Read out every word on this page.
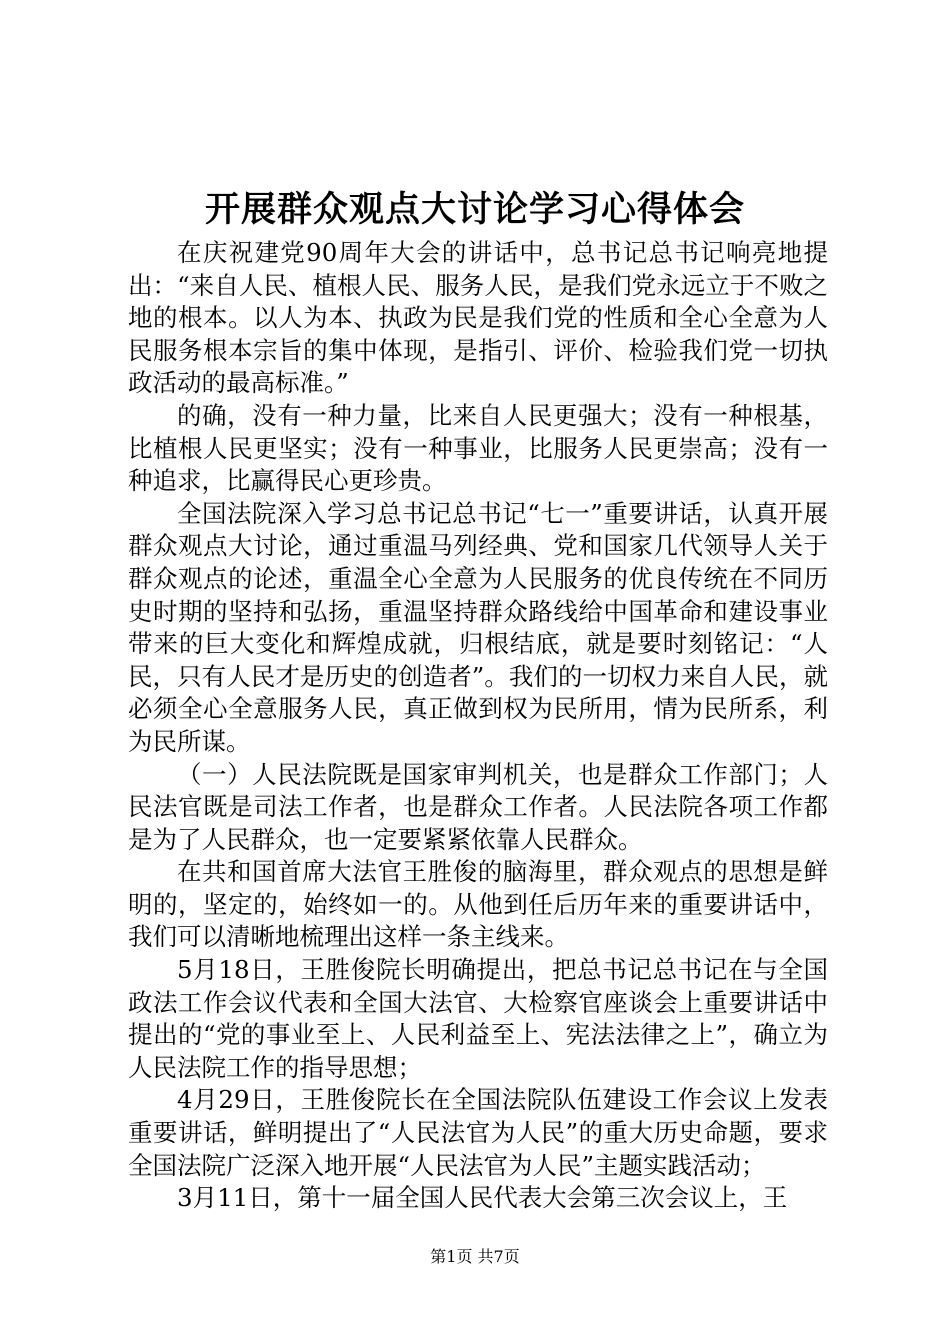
开展群众观点大讨论学习心得体会

在庆祝建党90周年大会的讲话中，总书记总书记响亮地提出：“来自人民、植根人民、服务人民，是我们党永远立于不败之地的根本。以人为本、执政为民是我们党的性质和全心全意为人民服务根本宗旨的集中体现，是指引、评价、检验我们党一切执政活动的最高标准。”

的确，没有一种力量，比来自人民更强大；没有一种根基，比植根人民更坚实；没有一种事业，比服务人民更崇高；没有一种追求，比赢得民心更珍贵。

全国法院深入学习总书记总书记“七一”重要讲话，认真开展群众观点大讨论，通过重温马列经典、党和国家几代领导人关于群众观点的论述，重温全心全意为人民服务的优良传统在不同历史时期的坚持和弘扬，重温坚持群众路线给中国革命和建设事业带来的巨大变化和辉煌成就，归根结底，就是要时刻铭记：“人民，只有人民才是历史的创造者”。我们的一切权力来自人民，就必须全心全意服务人民，真正做到权为民所用，情为民所系，利为民所谋。

（一）人民法院既是国家审判机关，也是群众工作部门；人民法官既是司法工作者，也是群众工作者。人民法院各项工作都是为了人民群众，也一定要紧紧依靠人民群众。

在共和国首席大法官王胜俊的脑海里，群众观点的思想是鲜明的，坚定的，始终如一的。从他到任后历年来的重要讲话中，我们可以清晰地梳理出这样一条主线来。

5月18日，王胜俊院长明确提出，把总书记总书记在与全国政法工作会议代表和全国大法官、大检察官座谈会上重要讲话中提出的“党的事业至上、人民利益至上、宪法法律之上”，确立为人民法院工作的指导思想；

4月29日，王胜俊院长在全国法院队伍建设工作会议上发表重要讲话，鲜明提出了“人民法官为人民”的重大历史命题，要求全国法院广泛深入地开展“人民法官为人民”主题实践活动；

3月11日，第十一届全国人民代表大会第三次会议上，王

第1页 共7页
